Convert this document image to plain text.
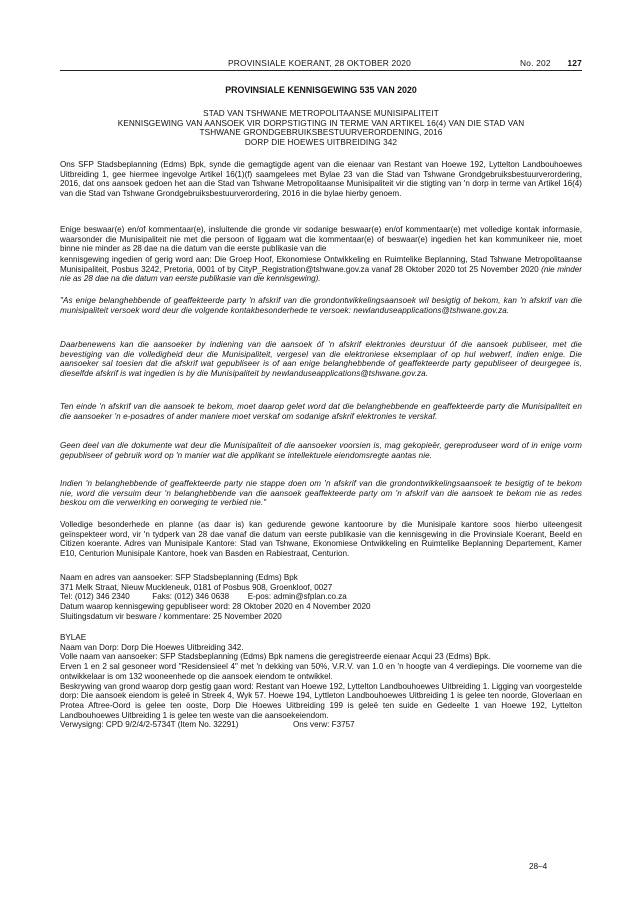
PROVINSIALE KOERANT, 28 OKTOBER 2020	No. 202 127
PROVINSIALE KENNISGEWING 535 VAN 2020
STAD VAN TSHWANE METROPOLITAANSE MUNISIPALITEIT
KENNISGEWING VAN AANSOEK VIR DORPSTIGTING IN TERME VAN ARTIKEL 16(4) VAN DIE STAD VAN
TSHWANE GRONDGEBRUIKSBESTUURVERORDENING, 2016
DORP DIE HOEWES UITBREIDING 342
Ons SFP Stadsbeplanning (Edms) Bpk, synde die gemagtigde agent van die eienaar van Restant van Hoewe 192, Lyttelton Landbouhoewes Uitbreiding 1, gee hiermee ingevolge Artikel 16(1)(f) saamgelees met Bylae 23 van die Stad van Tshwane Grondgebruiksbestuurverordering, 2016, dat ons aansoek gedoen het aan die Stad van Tshwane Metropolitaanse Munisipaliteit vir die stigting van 'n dorp in terme van Artikel 16(4) van die Stad van Tshwane Grondgebruiksbestuurverordering, 2016 in die bylae hierby genoem.
Enige beswaar(e) en/of kommentaar(e), insluitende die gronde vir sodanige beswaar(e) en/of kommentaar(e) met volledige kontak informasie, waarsonder die Munisipaliteit nie met die persoon of liggaam wat die kommentaar(e) of beswaar(e) ingedien het kan kommunikeer nie, moet binne nie minder as 28 dae na die datum van die eerste publikasie van die
kennisgewing ingedien of gerig word aan: Die Groep Hoof, Ekonomiese Ontwikkeling en Ruimtelike Beplanning, Stad Tshwane Metropolitaanse Munisipaliteit, Posbus 3242, Pretoria, 0001 of by CityP_Registration@tshwane.gov.za vanaf 28 Oktober 2020 tot 25 November 2020 (nie minder nie as 28 dae na die datum van eerste publikasie van die kennisgewing).
"As enige belanghebbende of geaffekteerde party 'n afskrif van die grondontwikkelingsaansoek wil besigtig of bekom, kan 'n afskrif van die munisipaliteit versoek word deur die volgende kontakbesonderhede te versoek: newlanduseapplications@tshwane.gov.za.
Daarbenewens kan die aansoeker by indiening van die aansoek óf 'n afskrif elektronies deurstuur óf die aansoek publiseer, met die bevestiging van die volledigheid deur die Munisipaliteit, vergesel van die elektroniese eksemplaar of op hul webwerf, indien enige. Die aansoeker sal toesien dat die afskrif wat gepubliseer is of aan enige belanghebbende of geaffekteerde party gepubliseer of deurgegee is, dieselfde afskrif is wat ingedien is by die Munisipaliteit by newlanduseapplications@tshwane.gov.za.
Ten einde 'n afskrif van die aansoek te bekom, moet daarop gelet word dat die belanghebbende en geaffekteerde party die Munisipaliteit en die aansoeker 'n e-posadres of ander maniere moet verskaf om sodanige afskrif elektronies te verskaf.
Geen deel van die dokumente wat deur die Munisipaliteit of die aansoeker voorsien is, mag gekopieër, gereproduseer word of in enige vorm gepubliseer of gebruik word op 'n manier wat die applikant se intellektuele eiendomsregte aantas nie.
Indien 'n belanghebbende of geaffekteerde party nie stappe doen om 'n afskrif van die grondontwikkelingsaansoek te besigtig of te bekom nie, word die versuim deur 'n belanghebbende van die aansoek geaffekteerde party om 'n afskrif van die aansoek te bekom nie as redes beskou om die verwerking en oorweging te verbied nie."
Volledige besonderhede en planne (as daar is) kan gedurende gewone kantoorure by die Munisipale kantore soos hierbo uiteengesit geïnspekteer word, vir 'n tydperk van 28 dae vanaf die datum van eerste publikasie van die kennisgewing in die Provinsiale Koerant, Beeld en Citizen koerante. Adres van Munisipale Kantore: Stad van Tshwane, Ekonomiese Ontwikkeling en Ruimtelike Beplanning Departement, Kamer E10, Centurion Munisipale Kantore, hoek van Basden en Rabiestraat, Centurion.
Naam en adres van aansoeker: SFP Stadsbeplanning (Edms) Bpk
371 Melk Straat, Nieuw Muckleneuk, 0181 of Posbus 908, Groenkloof, 0027
Tel: (012) 346 2340	Faks: (012) 346 0638 E-pos: admin@sfplan.co.za
Datum waarop kennisgewing gepubliseer word: 28 Oktober 2020 en 4 November 2020
Sluitingsdatum vir besware / kommentare: 25 November 2020
BYLAE
Naam van Dorp: Dorp Die Hoewes Uitbreiding 342.
Volle naam van aansoeker: SFP Stadsbeplanning (Edms) Bpk namens die geregistreerde eienaar Acqui 23 (Edms) Bpk.
Erven 1 en 2 sal gesoneer word "Residensieel 4" met 'n dekking van 50%, V.R.V. van 1.0 en 'n hoogte van 4 verdiepings. Die voorneme van die ontwikkelaar is om 132 wooneenhede op die aansoek eiendom te ontwikkel.
Beskrywing van grond waarop dorp gestig gaan word: Restant van Hoewe 192, Lyttelton Landbouhoewes Uitbreiding 1. Ligging van voorgestelde dorp: Die aansoek eiendom is geleë in Streek 4, Wyk 57. Hoewe 194, Lyttleton Landbouhoewes Uitbreiding 1 is gelee ten noorde, Gloverlaan en Protea Aftree-Oord is gelee ten ooste, Dorp Die Hoewes Uitbreiding 199 is geleë ten suide en Gedeelte 1 van Hoewe 192, Lyttelton Landbouhoewes Uitbreiding 1 is gelee ten weste van die aansoekeiendom.
Verwysigng: CPD 9/2/4/2-5734T (Item No. 32291)	Ons verw: F3757
28–4
